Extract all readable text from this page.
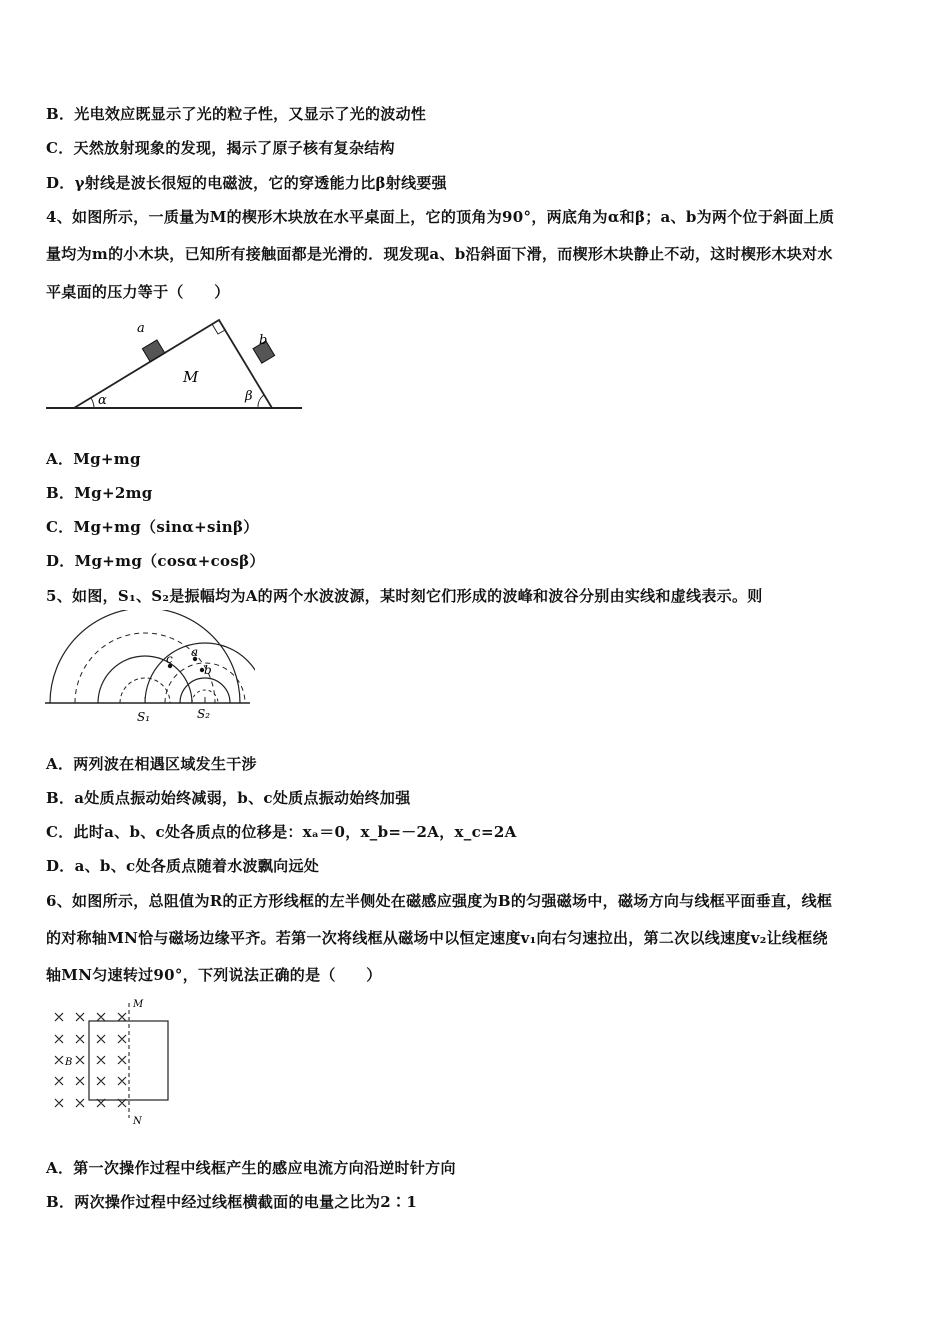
B．光电效应既显示了光的粒子性，又显示了光的波动性
C．天然放射现象的发现，揭示了原子核有复杂结构
D．γ射线是波长很短的电磁波，它的穿透能力比β射线要强
4、如图所示，一质量为M的楔形木块放在水平桌面上，它的顶角为90°，两底角为α和β；a、b为两个位于斜面上质
量均为m的小木块，已知所有接触面都是光滑的．现发现a、b沿斜面下滑，而楔形木块静止不动，这时楔形木块对水
平桌面的压力等于（　　）
a
b
M
α	β
A．Mg+mg
B．Mg+2mg
C．Mg+mg（sinα+sinβ）
D．Mg+mg（cosα+cosβ）
5、如图，S₁、S₂是振幅均为A的两个水波波源，某时刻它们形成的波峰和波谷分别由实线和虚线表示。则
c a
b
S₁	S₂
A．两列波在相遇区域发生干涉
B．a处质点振动始终减弱，b、c处质点振动始终加强
C．此时a、b、c处各质点的位移是：xₐ＝0，x_b=－2A，x_c=2A
D．a、b、c处各质点随着水波飘向远处
6、如图所示，总阻值为R的正方形线框的左半侧处在磁感应强度为B的匀强磁场中，磁场方向与线框平面垂直，线框
的对称轴MN恰与磁场边缘平齐。若第一次将线框从磁场中以恒定速度v₁向右匀速拉出，第二次以线速度v₂让线框绕
轴MN匀速转过90°，下列说法正确的是（　　）
M
N
B
A．第一次操作过程中线框产生的感应电流方向沿逆时针方向
B．两次操作过程中经过线框横截面的电量之比为2∶1
